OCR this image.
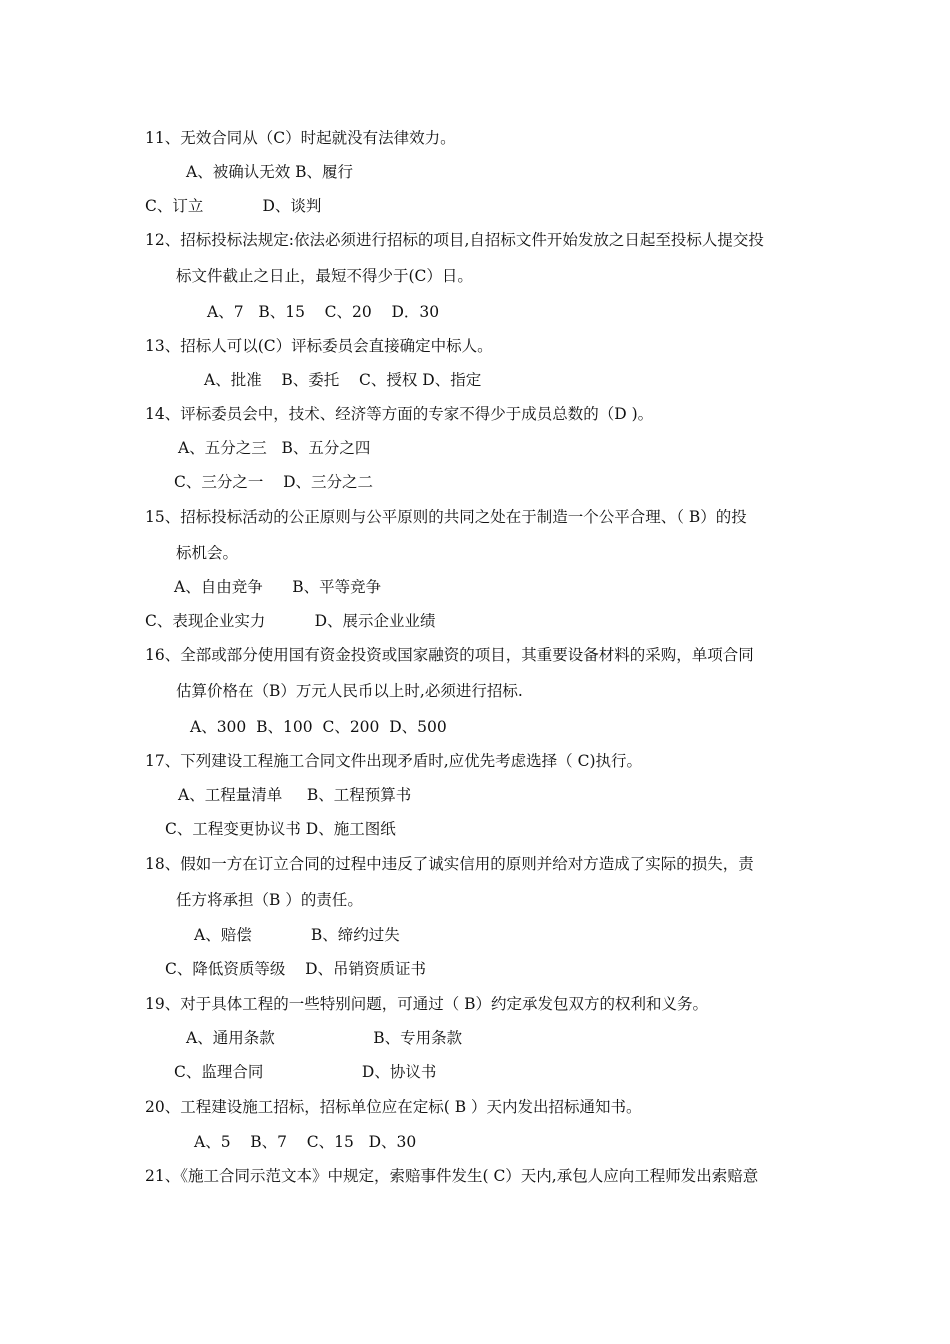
11、无效合同从（C）时起就没有法律效力。
A、被确认无效 B、履行
C、订立            D、谈判
12、招标投标法规定:依法必须进行招标的项目,自招标文件开始发放之日起至投标人提交投
标文件截止之日止，最短不得少于(C）日。
A、7   B、15    C、20    D．30
13、招标人可以(C）评标委员会直接确定中标人。
A、批准    B、委托    C、授权 D、指定
14、评标委员会中，技术、经济等方面的专家不得少于成员总数的（D )。
A、五分之三   B、五分之四
C、三分之一    D、三分之二
15、招标投标活动的公正原则与公平原则的共同之处在于制造一个公平合理、（ B）的投
标机会。
A、自由竞争      B、平等竞争
C、表现企业实力          D、展示企业业绩
16、全部或部分使用国有资金投资或国家融资的项目，其重要设备材料的采购，单项合同
估算价格在（B）万元人民币以上时,必须进行招标.
A、300  B、100  C、200  D、500
17、下列建设工程施工合同文件出现矛盾时,应优先考虑选择（ C)执行。
A、工程量清单     B、工程预算书
C、工程变更协议书 D、施工图纸
18、假如一方在订立合同的过程中违反了诚实信用的原则并给对方造成了实际的损失，责
任方将承担（B ）的责任。
A、赔偿            B、缔约过失
C、降低资质等级    D、吊销资质证书
19、对于具体工程的一些特别问题，可通过（ B）约定承发包双方的权利和义务。
A、通用条款                    B、专用条款
C、监理合同                    D、协议书
20、工程建设施工招标，招标单位应在定标( B ）天内发出招标通知书。
A、5    B、7    C、15   D、30
21、《施工合同示范文本》中规定，索赔事件发生( C）天内,承包人应向工程师发出索赔意
